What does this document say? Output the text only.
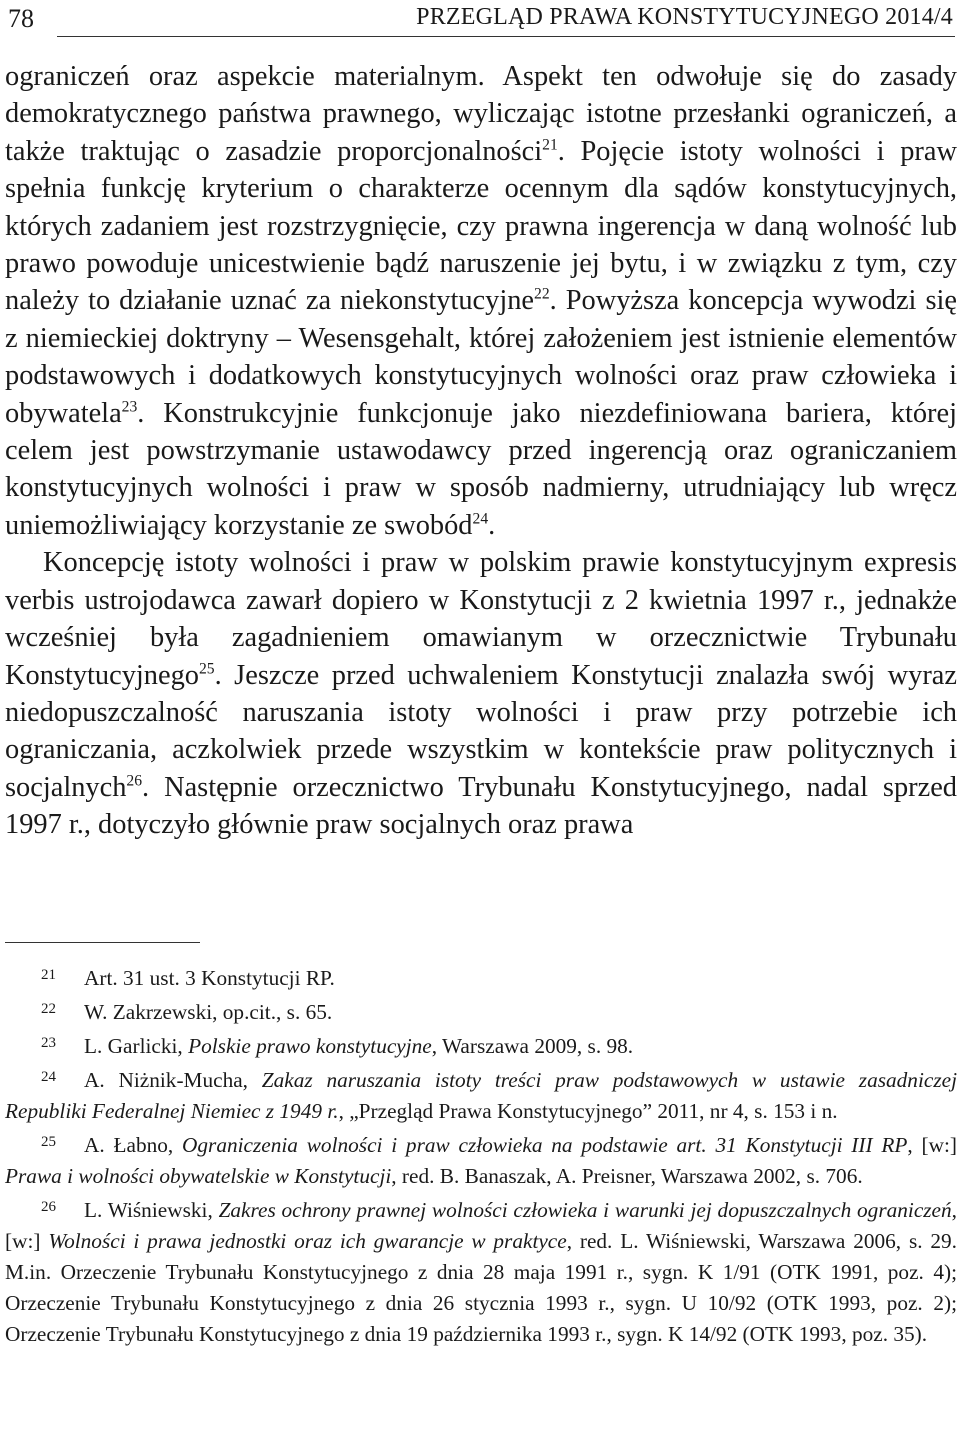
78	PRZEGLĄD PRAWA KONSTYTUCYJNEGO 2014/4

ograniczeń oraz aspekcie materialnym. Aspekt ten odwołuje się do zasady demokratycznego państwa prawnego, wyliczając istotne przesłanki ograniczeń, a także traktując o zasadzie proporcjonalności$^{21}$. Pojęcie istoty wolności i praw spełnia funkcję kryterium o charakterze ocennym dla sądów konstytucyjnych, których zadaniem jest rozstrzygnięcie, czy prawna ingerencja w daną wolność lub prawo powoduje unicestwienie bądź naruszenie jej bytu, i w związku z tym, czy należy to działanie uznać za niekonstytucyjne$^{22}$. Powyższa koncepcja wywodzi się z niemieckiej doktryny – Wesensgehalt, której założeniem jest istnienie elementów podstawowych i dodatkowych konstytucyjnych wolności oraz praw człowieka i obywatela$^{23}$. Konstrukcyjnie funkcjonuje jako niezdefiniowana bariera, której celem jest powstrzymanie ustawodawcy przed ingerencją oraz ograniczaniem konstytucyjnych wolności i praw w sposób nadmierny, utrudniający lub wręcz uniemożliwiający korzystanie ze swobód$^{24}$.

Koncepcję istoty wolności i praw w polskim prawie konstytucyjnym expresis verbis ustrojodawca zawarł dopiero w Konstytucji z 2 kwietnia 1997 r., jednakże wcześniej była zagadnieniem omawianym w orzecznictwie Trybunału Konstytucyjnego$^{25}$. Jeszcze przed uchwaleniem Konstytucji znalazła swój wyraz niedopuszczalność naruszania istoty wolności i praw przy potrzebie ich ograniczania, aczkolwiek przede wszystkim w kontekście praw politycznych i socjalnych$^{26}$. Następnie orzecznictwo Trybunału Konstytucyjnego, nadal sprzed 1997 r., dotyczyło głównie praw socjalnych oraz prawa

21 Art. 31 ust. 3 Konstytucji RP.

22 W. Zakrzewski, op.cit., s. 65.

23 L. Garlicki, Polskie prawo konstytucyjne, Warszawa 2009, s. 98.

24 A. Niżnik-Mucha, Zakaz naruszania istoty treści praw podstawowych w ustawie zasadniczej Republiki Federalnej Niemiec z 1949 r., „Przegląd Prawa Konstytucyjnego” 2011, nr 4, s. 153 i n.

25 A. Łabno, Ograniczenia wolności i praw człowieka na podstawie art. 31 Konstytucji III RP, [w:] Prawa i wolności obywatelskie w Konstytucji, red. B. Banaszak, A. Preisner, Warszawa 2002, s. 706.

26 L. Wiśniewski, Zakres ochrony prawnej wolności człowieka i warunki jej dopuszczalnych ograniczeń, [w:] Wolności i prawa jednostki oraz ich gwarancje w praktyce, red. L. Wiśniewski, Warszawa 2006, s. 29. M.in. Orzeczenie Trybunału Konstytucyjnego z dnia 28 maja 1991 r., sygn. K 1/91 (OTK 1991, poz. 4); Orzeczenie Trybunału Konstytucyjnego z dnia 26 stycznia 1993 r., sygn. U 10/92 (OTK 1993, poz. 2); Orzeczenie Trybunału Konstytucyjnego z dnia 19 października 1993 r., sygn. K 14/92 (OTK 1993, poz. 35).
